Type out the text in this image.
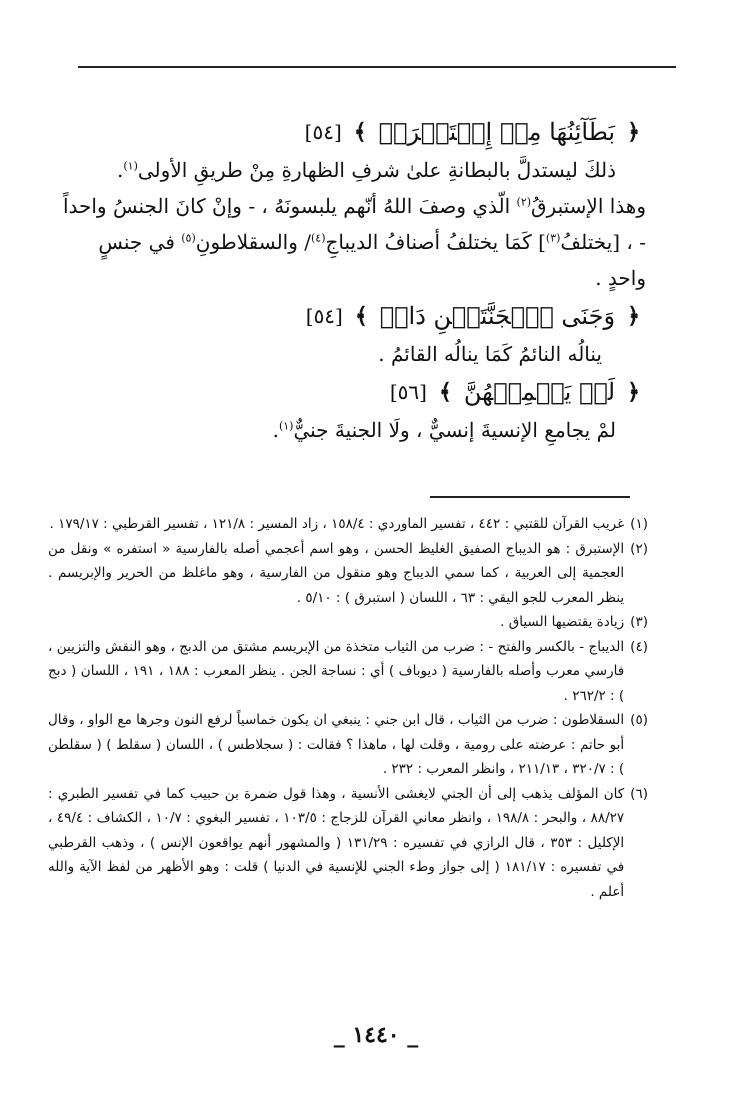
﴿
بَطَآئِنُهَا مِنۡ إِسۡتَبۡرَقٖ
﴾
[٥٤]

ذلكَ ليستدلَّ بالبطانةِ علىٰ شرفِ الظهارةِ مِنْ طريقِ الأولى$^{(١)}$.

وهذا الإستبرقُ$^{(٢)}$ الّذي وصفَ اللهُ أنّهم يلبسونَهُ ، - وإنْ كانَ الجنسُ واحداً - ، [يختلفُ$^{(٣)}$] كَمَا يختلفُ أصنافُ الديباجِ$^{(٤)}$/ والسقلاطونِ$^{(٥)}$ في جنسٍ واحدٍ .

﴿
وَجَنَى ٱلۡجَنَّتَيۡنِ دَانٖ
﴾
[٥٤]

ينالُه النائمُ كَمَا ينالُه القائمُ .

﴿
لَمۡ يَطۡمِثۡهُنَّ
﴾
[٥٦]

لمْ يجامعِ الإنسيةَ إنسيٌّ ، ولَا الجنيةَ جنيٌّ$^{(١)}$.

(١)
غريب القرآن للقتبي : ٤٤٢ ، تفسير الماوردي : ١٥٨/٤ ، زاد المسير : ١٢١/٨ ، تفسير القرطبي : ١٧٩/١٧ .

(٢)
الإستبرق : هو الديباج الصفيق الغليظ الحسن ، وهو اسم أعجمي أصله بالفارسية « استفره » ونقل من العجمية إلى العربية ، كما سمي الديباج وهو منقول من الفارسية ، وهو ماغلظ من الحرير والإبريسم . ينظر المعرب للجو اليقي : ٦٣ ، اللسان ( استبرق ) : ٥/١٠ .

(٣)
زيادة يقتضيها السياق .

(٤)
الديباج - بالكسر والفتح - : ضرب من الثياب متخذة من الإبريسم مشتق من الدبج ، وهو النقش والتزيين ، فارسي معرب وأصله بالفارسية ( ديوباف ) أي : نساجة الجن . ينظر المعرب : ١٨٨ ، ١٩١ ، اللسان ( دبج ) : ٢٦٢/٢ .

(٥)
السقلاطون : ضرب من الثياب ، قال ابن جني : ينبغي ان يكون خماسياً لرفع النون وجرها مع الواو ، وقال أبو حاتم : عرضته على رومية ، وقلت لها ، ماهذا ؟ فقالت : ( سجلاطس ) ، اللسان ( سقلط ) ( سقلطن ) : ٣٢٠/٧ ، ٢١١/١٣ ، وانظر المعرب : ٢٣٢ .

(٦)
كان المؤلف يذهب إلى أن الجني لايغشى الأنسية ، وهذا قول ضمرة بن حبيب كما في تفسير الطبري : ٨٨/٢٧ ، والبحر : ١٩٨/٨ ، وانظر معاني القرآن للزجاج : ١٠٣/٥ ، تفسير البغوي : ١٠/٧ ، الكشاف : ٤٩/٤ ، الإكليل : ٣٥٣ ، قال الرازي في تفسيره : ١٣١/٢٩ ( والمشهور أنهم يواقعون الإنس ) ، وذهب القرطبي في تفسيره : ١٨١/١٧ ( إلى جواز وطء الجني للإنسية في الدنيا ) قلت : وهو الأظهر من لفظ الآية والله أعلم .

_ ١٤٤٠ _
